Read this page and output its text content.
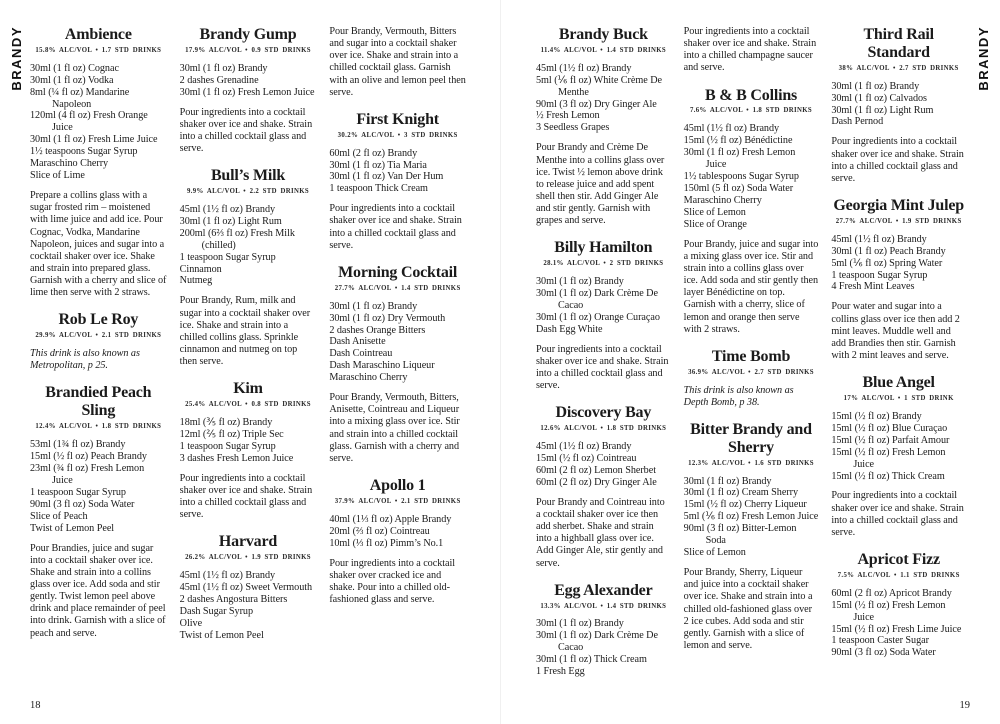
BRANDY	Ambience
15.8% ALC/VOL • 1.7 STD DRINKS
30ml (1 fl oz) Cognac
30ml (1 fl oz) Vodka
8ml (¼ fl oz) Mandarine Napoleon
120ml (4 fl oz) Fresh Orange Juice
30ml (1 fl oz) Fresh Lime Juice
1½ teaspoons Sugar Syrup
Maraschino Cherry
Slice of Lime
Prepare a collins glass with a sugar frosted rim – moistened with lime juice and add ice. Pour Cognac, Vodka, Mandarine Napoleon, juices and sugar into a cocktail shaker over ice. Shake and strain into prepared glass. Garnish with a cherry and slice of lime then serve with 2 straws.
Rob Le Roy
29.9% ALC/VOL • 2.1 STD DRINKS
This drink is also known as Metropolitan, p 25.
Brandied Peach Sling
12.4% ALC/VOL • 1.8 STD DRINKS
53ml (1¾ fl oz) Brandy
15ml (½ fl oz) Peach Brandy
23ml (¾ fl oz) Fresh Lemon Juice
1 teaspoon Sugar Syrup
90ml (3 fl oz) Soda Water
Slice of Peach
Twist of Lemon Peel
Pour Brandies, juice and sugar into a cocktail shaker over ice. Shake and strain into a collins glass over ice. Add soda and stir gently. Twist lemon peel above drink and place remainder of peel into drink. Garnish with a slice of peach and serve.
Brandy Gump
17.9% ALC/VOL • 0.9 STD DRINKS
30ml (1 fl oz) Brandy
2 dashes Grenadine
30ml (1 fl oz) Fresh Lemon Juice
Pour ingredients into a cocktail shaker over ice and shake. Strain into a chilled cocktail glass and serve.
Bull’s Milk
9.9% ALC/VOL • 2.2 STD DRINKS
45ml (1½ fl oz) Brandy
30ml (1 fl oz) Light Rum
200ml (6⅔ fl oz) Fresh Milk (chilled)
1 teaspoon Sugar Syrup
Cinnamon
Nutmeg
Pour Brandy, Rum, milk and sugar into a cocktail shaker over ice. Shake and strain into a chilled collins glass. Sprinkle cinnamon and nutmeg on top then serve.
Kim
25.4% ALC/VOL • 0.8 STD DRINKS
18ml (⅗ fl oz) Brandy
12ml (⅖ fl oz) Triple Sec
1 teaspoon Sugar Syrup
3 dashes Fresh Lemon Juice
Pour ingredients into a cocktail shaker over ice and shake. Strain into a chilled cocktail glass and serve.
Harvard
26.2% ALC/VOL • 1.9 STD DRINKS
45ml (1½ fl oz) Brandy
45ml (1½ fl oz) Sweet Vermouth
2 dashes Angostura Bitters
Dash Sugar Syrup
Olive
Twist of Lemon Peel
Pour Brandy, Vermouth, Bitters and sugar into a cocktail shaker over ice. Shake and strain into a chilled cocktail glass. Garnish with an olive and lemon peel then serve.
First Knight
30.2% ALC/VOL • 3 STD DRINKS
60ml (2 fl oz) Brandy
30ml (1 fl oz) Tia Maria
30ml (1 fl oz) Van Der Hum
1 teaspoon Thick Cream
Pour ingredients into a cocktail shaker over ice and shake. Strain into a chilled cocktail glass and serve.
Morning Cocktail
27.7% ALC/VOL • 1.4 STD DRINKS
30ml (1 fl oz) Brandy
30ml (1 fl oz) Dry Vermouth
2 dashes Orange Bitters
Dash Anisette
Dash Cointreau
Dash Maraschino Liqueur
Maraschino Cherry
Pour Brandy, Vermouth, Bitters, Anisette, Cointreau and Liqueur into a mixing glass over ice. Stir and strain into a chilled cocktail glass. Garnish with a cherry and serve.
Apollo 1
37.9% ALC/VOL • 2.1 STD DRINKS
40ml (1⅓ fl oz) Apple Brandy
20ml (⅔ fl oz) Cointreau
10ml (⅓ fl oz) Pimm’s No.1
Pour ingredients into a cocktail shaker over cracked ice and shake. Pour into a chilled old-fashioned glass and serve.
18
Brandy Buck
11.4% ALC/VOL • 1.4 STD DRINKS
45ml (1½ fl oz) Brandy
5ml (⅙ fl oz) White Crème De Menthe
90ml (3 fl oz) Dry Ginger Ale
½ Fresh Lemon
3 Seedless Grapes
Pour Brandy and Crème De Menthe into a collins glass over ice. Twist ½ lemon above drink to release juice and add spent shell then stir. Add Ginger Ale and stir gently. Garnish with grapes and serve.
Billy Hamilton
28.1% ALC/VOL • 2 STD DRINKS
30ml (1 fl oz) Brandy
30ml (1 fl oz) Dark Crème De Cacao
30ml (1 fl oz) Orange Curaçao
Dash Egg White
Pour ingredients into a cocktail shaker over ice and shake. Strain into a chilled cocktail glass and serve.
Discovery Bay
12.6% ALC/VOL • 1.8 STD DRINKS
45ml (1½ fl oz) Brandy
15ml (½ fl oz) Cointreau
60ml (2 fl oz) Lemon Sherbet
60ml (2 fl oz) Dry Ginger Ale
Pour Brandy and Cointreau into a cocktail shaker over ice then add sherbet. Shake and strain into a highball glass over ice. Add Ginger Ale, stir gently and serve.
Egg Alexander
13.3% ALC/VOL • 1.4 STD DRINKS
30ml (1 fl oz) Brandy
30ml (1 fl oz) Dark Crème De Cacao
30ml (1 fl oz) Thick Cream
1 Fresh Egg
Pour ingredients into a cocktail shaker over ice and shake. Strain into a chilled champagne saucer and serve.
B & B Collins
7.6% ALC/VOL • 1.8 STD DRINKS
45ml (1½ fl oz) Brandy
15ml (½ fl oz) Bénédictine
30ml (1 fl oz) Fresh Lemon Juice
1½ tablespoons Sugar Syrup
150ml (5 fl oz) Soda Water
Maraschino Cherry
Slice of Lemon
Slice of Orange
Pour Brandy, juice and sugar into a mixing glass over ice. Stir and strain into a collins glass over ice. Add soda and stir gently then layer Bénédictine on top. Garnish with a cherry, slice of lemon and orange then serve with 2 straws.
Time Bomb
36.9% ALC/VOL • 2.7 STD DRINKS
This drink is also known as Depth Bomb, p 38.
Bitter Brandy and Sherry
12.3% ALC/VOL • 1.6 STD DRINKS
30ml (1 fl oz) Brandy
30ml (1 fl oz) Cream Sherry
15ml (½ fl oz) Cherry Liqueur
5ml (⅙ fl oz) Fresh Lemon Juice
90ml (3 fl oz) Bitter-Lemon Soda
Slice of Lemon
Pour Brandy, Sherry, Liqueur and juice into a cocktail shaker over ice. Shake and strain into a chilled old-fashioned glass over 2 ice cubes. Add soda and stir gently. Garnish with a slice of lemon and serve.
Third Rail Standard
38% ALC/VOL • 2.7 STD DRINKS
30ml (1 fl oz) Brandy
30ml (1 fl oz) Calvados
30ml (1 fl oz) Light Rum
Dash Pernod
Pour ingredients into a cocktail shaker over ice and shake. Strain into a chilled cocktail glass and serve.
Georgia Mint Julep
27.7% ALC/VOL • 1.9 STD DRINKS
45ml (1½ fl oz) Brandy
30ml (1 fl oz) Peach Brandy
5ml (⅙ fl oz) Spring Water
1 teaspoon Sugar Syrup
4 Fresh Mint Leaves
Pour water and sugar into a collins glass over ice then add 2 mint leaves. Muddle well and add Brandies then stir. Garnish with 2 mint leaves and serve.
Blue Angel
17% ALC/VOL • 1 STD DRINK
15ml (½ fl oz) Brandy
15ml (½ fl oz) Blue Curaçao
15ml (½ fl oz) Parfait Amour
15ml (½ fl oz) Fresh Lemon Juice
15ml (½ fl oz) Thick Cream
Pour ingredients into a cocktail shaker over ice and shake. Strain into a chilled cocktail glass and serve.
Apricot Fizz
7.5% ALC/VOL • 1.1 STD DRINKS
60ml (2 fl oz) Apricot Brandy
15ml (½ fl oz) Fresh Lemon Juice
15ml (½ fl oz) Fresh Lime Juice
1 teaspoon Caster Sugar
90ml (3 fl oz) Soda Water
BRANDY
19
